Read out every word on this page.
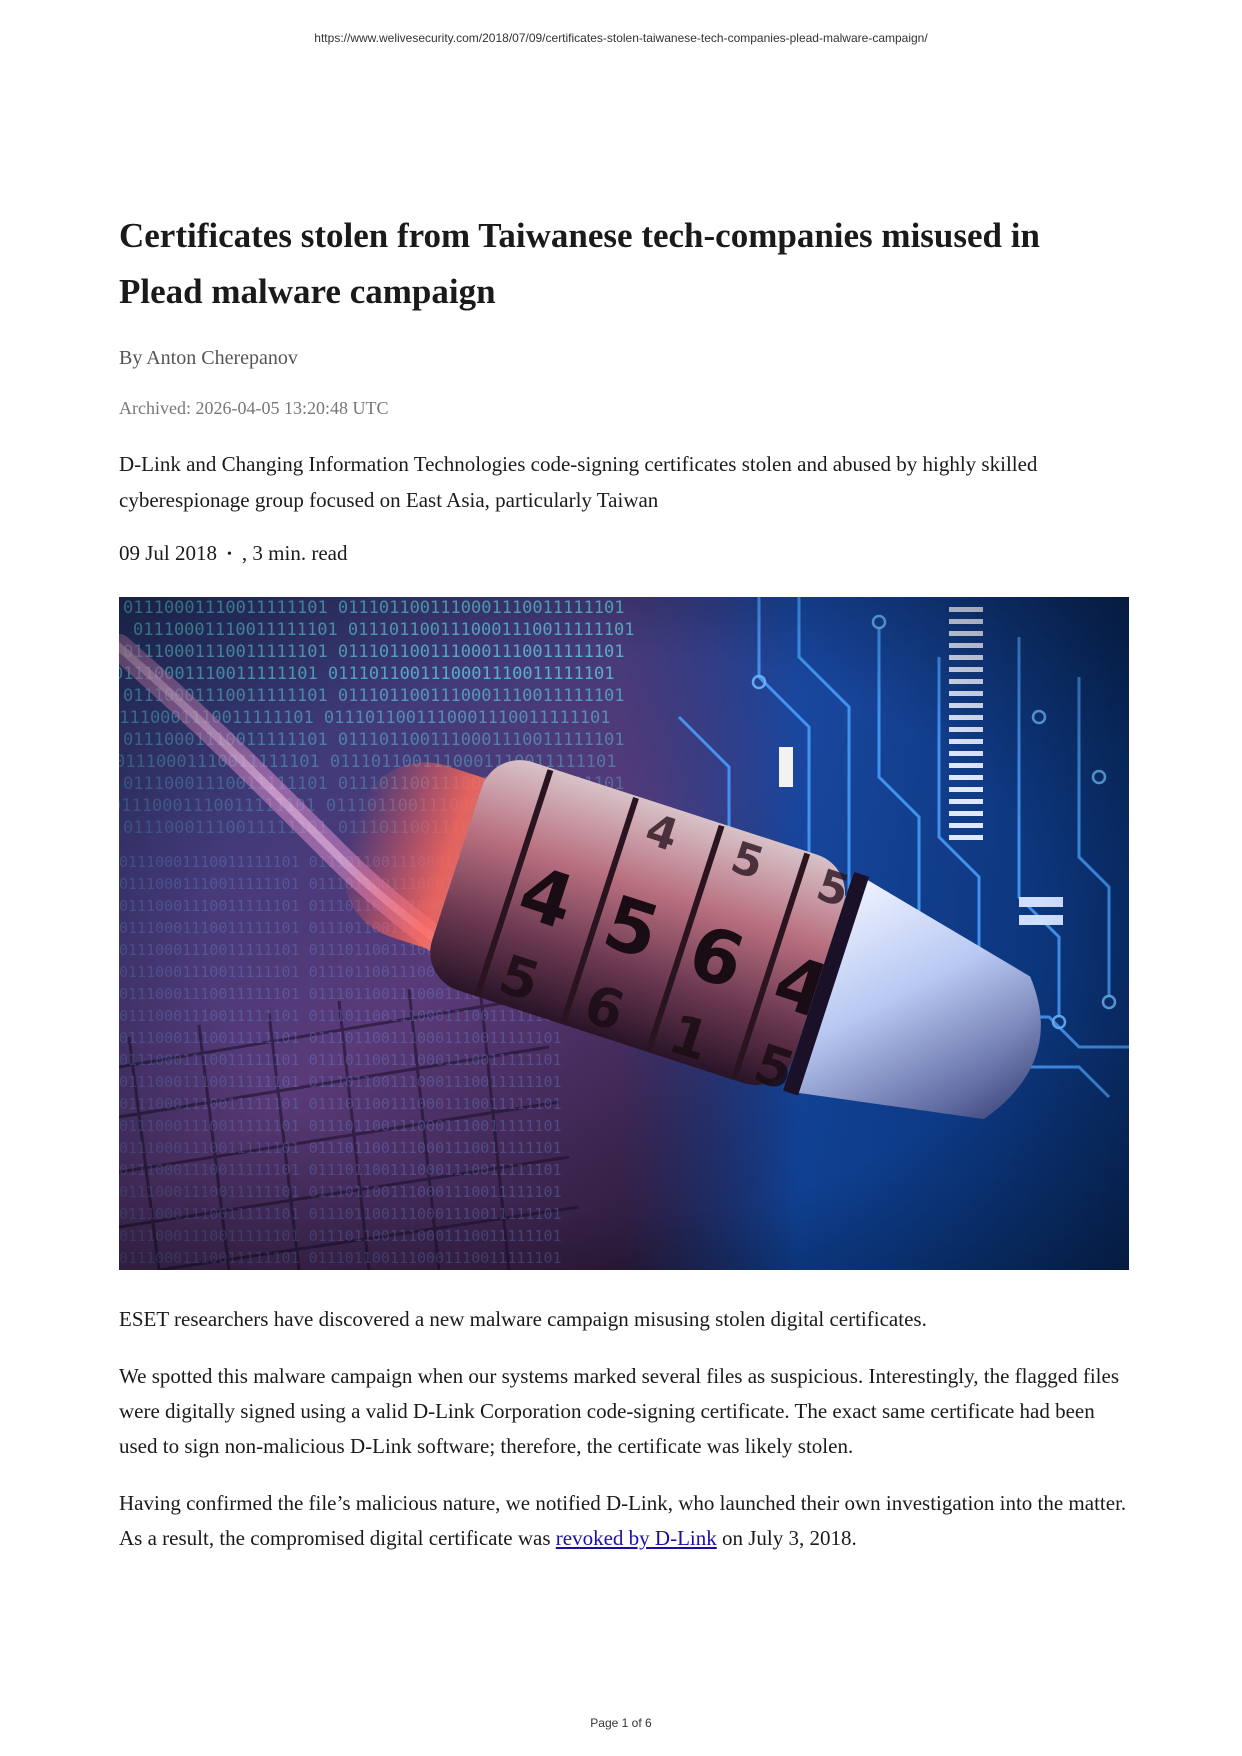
https://www.welivesecurity.com/2018/07/09/certificates-stolen-taiwanese-tech-companies-plead-malware-campaign/
Certificates stolen from Taiwanese tech-companies misused in Plead malware campaign
By Anton Cherepanov
Archived: 2026-04-05 13:20:48 UTC

D-Link and Changing Information Technologies code-signing certificates stolen and abused by highly skilled cyberespionage group focused on East Asia, particularly Taiwan

09 Jul 2018 • , 3 min. read

ESET researchers have discovered a new malware campaign misusing stolen digital certificates.

We spotted this malware campaign when our systems marked several files as suspicious. Interestingly, the flagged files were digitally signed using a valid D-Link Corporation code-signing certificate. The exact same certificate had been used to sign non-malicious D-Link software; therefore, the certificate was likely stolen.

Having confirmed the file’s malicious nature, we notified D-Link, who launched their own investigation into the matter. As a result, the compromised digital certificate was revoked by D-Link on July 3, 2018.

Page 1 of 6
